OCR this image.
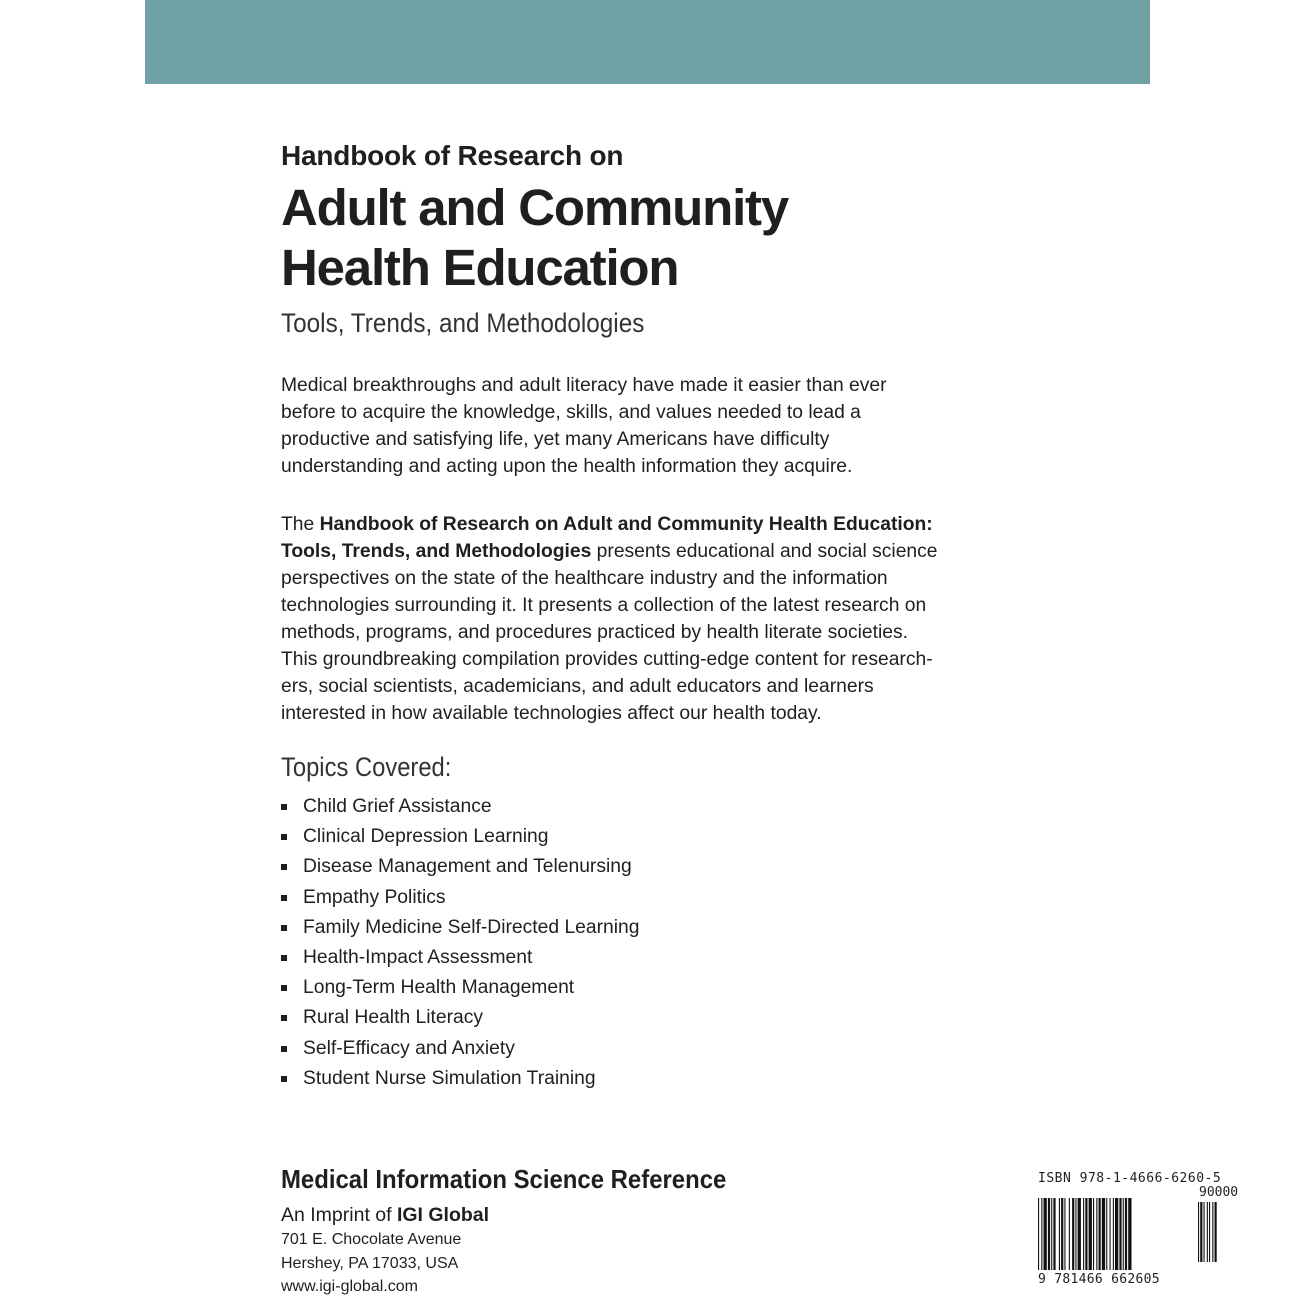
Handbook of Research on
Adult and Community
Health Education
Tools, Trends, and Methodologies
Medical breakthroughs and adult literacy have made it easier than ever
before to acquire the knowledge, skills, and values needed to lead a
productive and satisfying life, yet many Americans have difficulty
understanding and acting upon the health information they acquire.
The Handbook of Research on Adult and Community Health Education:
Tools, Trends, and Methodologies presents educational and social science
perspectives on the state of the healthcare industry and the information
technologies surrounding it. It presents a collection of the latest research on
methods, programs, and procedures practiced by health literate societies.
This groundbreaking compilation provides cutting-edge content for research-
ers, social scientists, academicians, and adult educators and learners
interested in how available technologies affect our health today.
Topics Covered:
Child Grief Assistance
Clinical Depression Learning
Disease Management and Telenursing
Empathy Politics
Family Medicine Self-Directed Learning
Health-Impact Assessment
Long-Term Health Management
Rural Health Literacy
Self-Efficacy and Anxiety
Student Nurse Simulation Training
Medical Information Science Reference
An Imprint of IGI Global
701 E. Chocolate Avenue
Hershey, PA 17033, USA
www.igi-global.com
ISBN 978-1-4666-6260-5
90000
9 781466 662605
